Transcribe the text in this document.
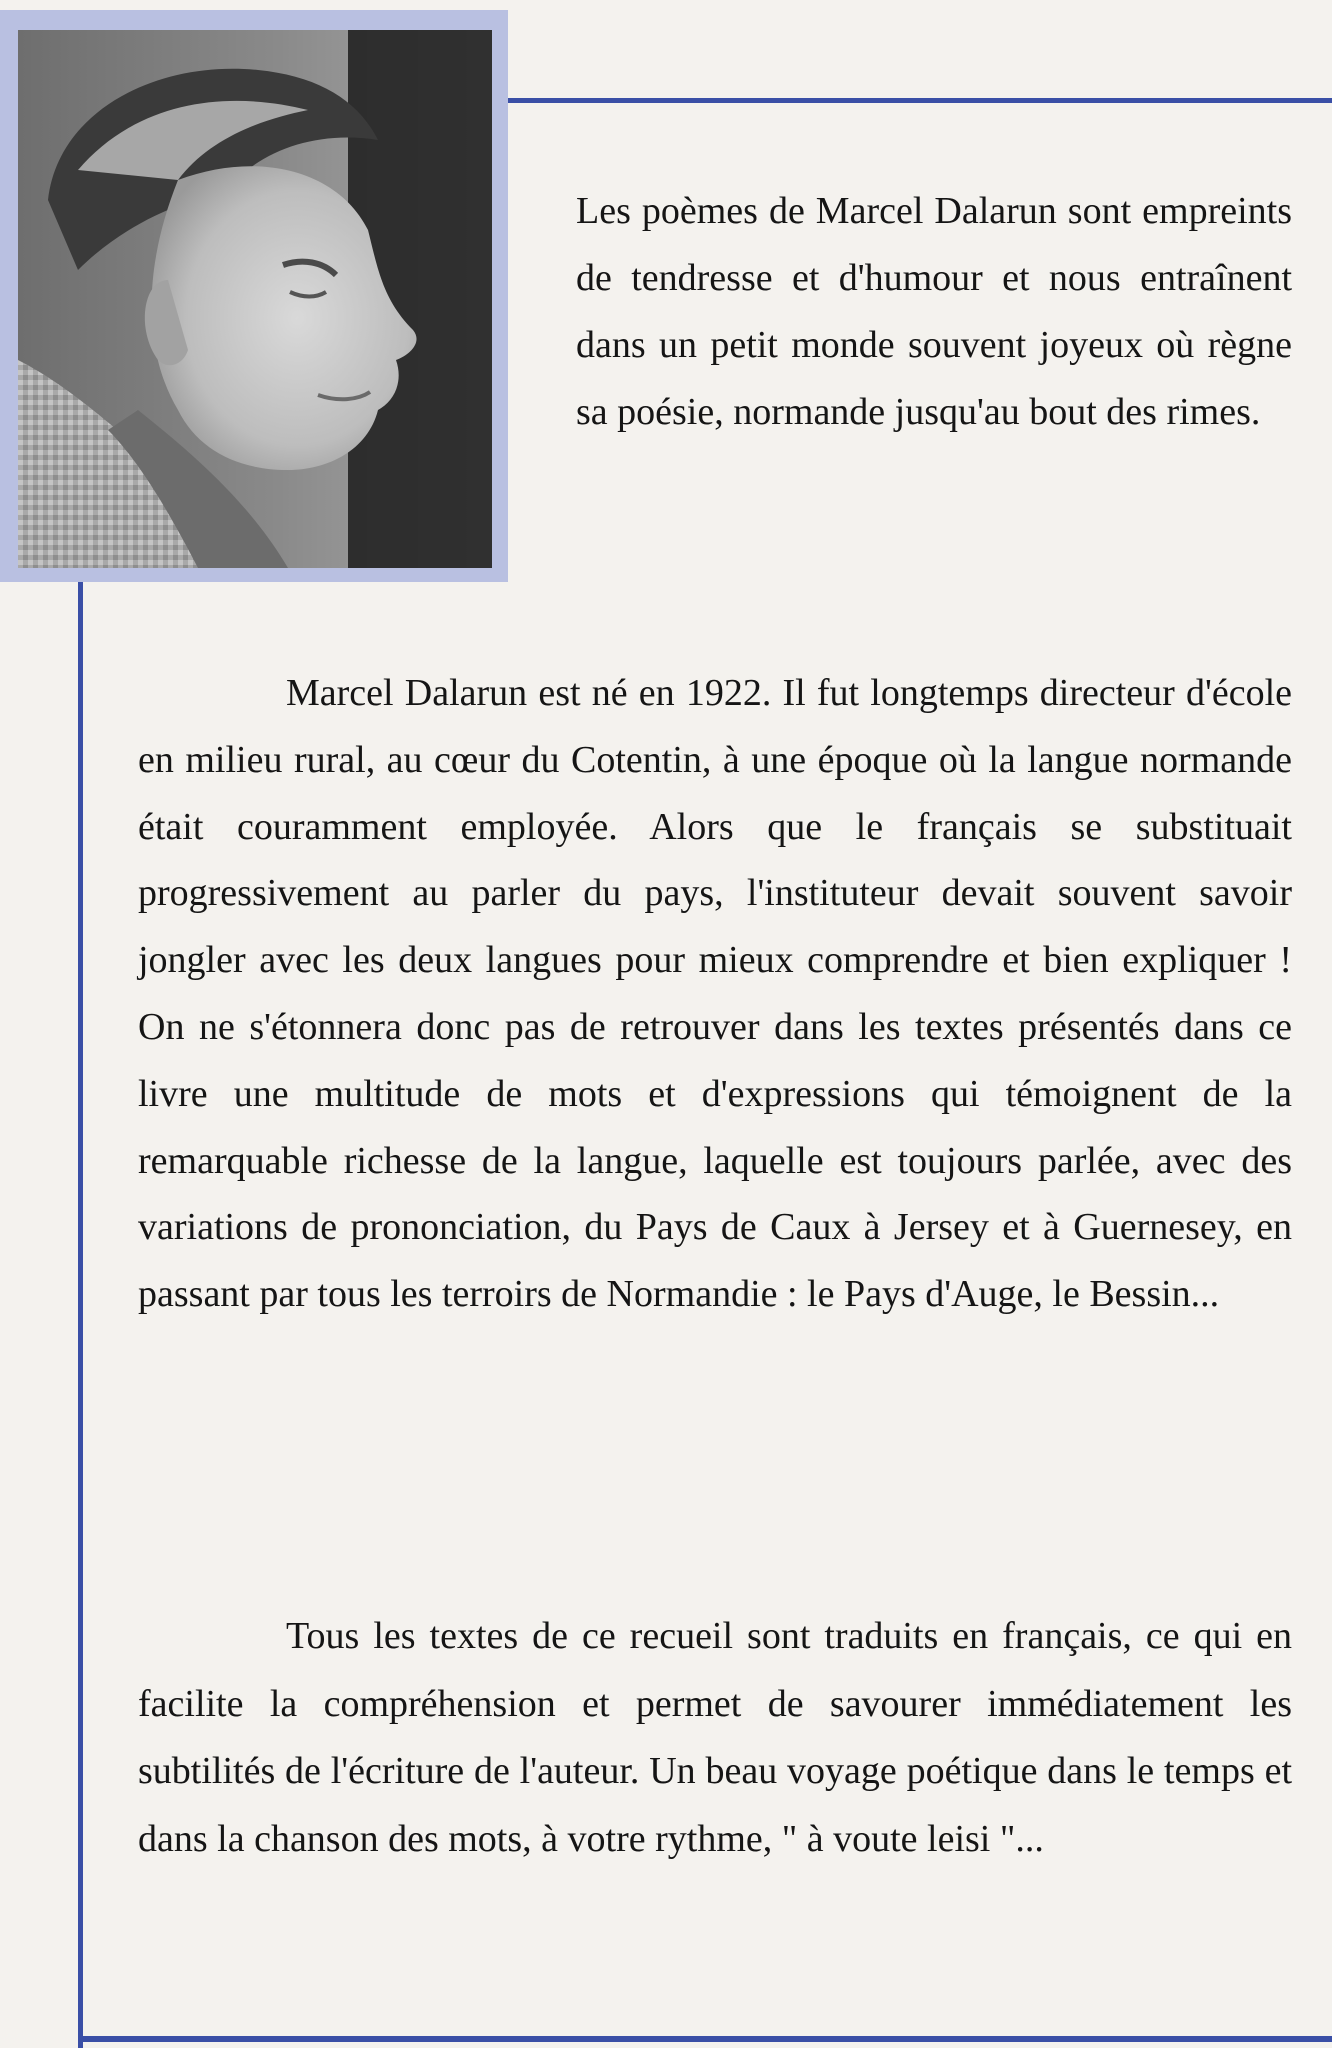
Les poèmes de Marcel Dalarun sont empreints de tendresse et d'humour et nous entraînent dans un petit monde souvent joyeux où règne sa poésie, normande jusqu'au bout des rimes.

Marcel Dalarun est né en 1922. Il fut longtemps directeur d'école en milieu rural, au cœur du Cotentin, à une époque où la langue normande était couramment employée. Alors que le français se substituait progressivement au parler du pays, l'instituteur devait souvent savoir jongler avec les deux langues pour mieux comprendre et bien expliquer ! On ne s'étonnera donc pas de retrouver dans les textes présentés dans ce livre une multitude de mots et d'expressions qui témoignent de la remarquable richesse de la langue, laquelle est toujours parlée, avec des variations de prononciation, du Pays de Caux à Jersey et à Guernesey, en passant par tous les terroirs de Normandie : le Pays d'Auge, le Bessin...

Tous les textes de ce recueil sont traduits en français, ce qui en facilite la compréhension et permet de savourer immédiatement les subtilités de l'écriture de l'auteur. Un beau voyage poétique dans le temps et dans la chanson des mots, à votre rythme, " à voute leisi "...
